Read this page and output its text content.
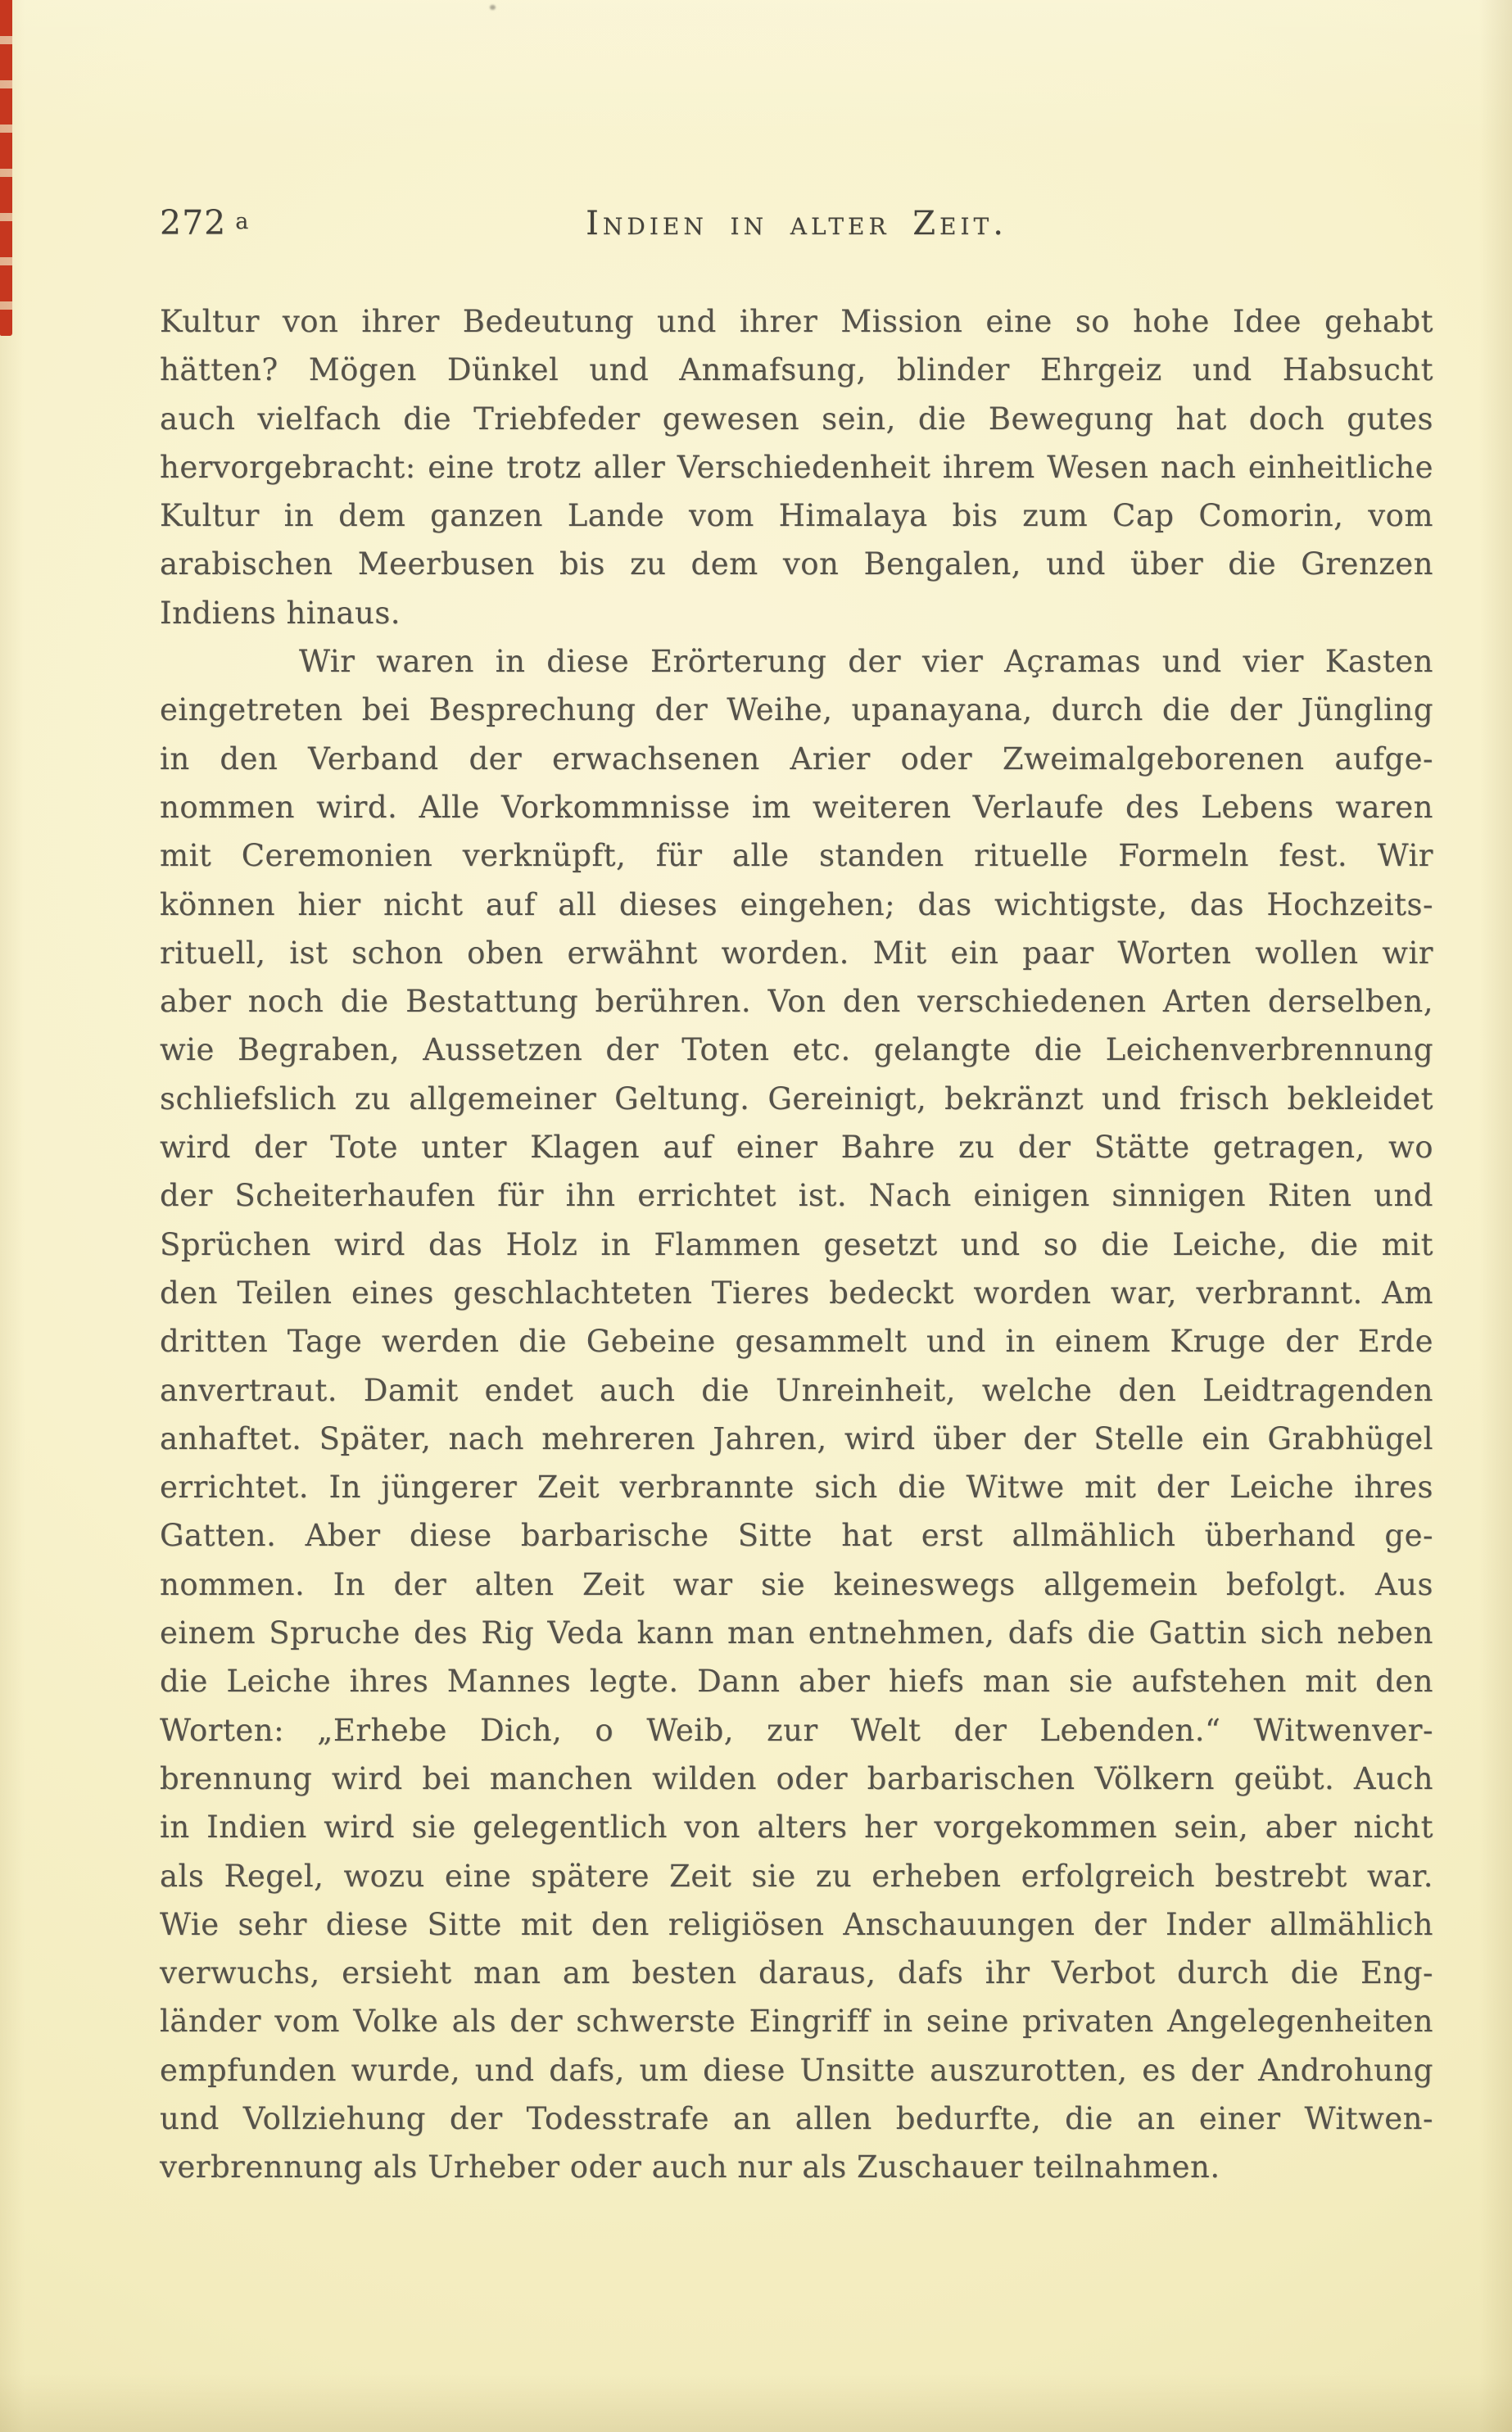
272 a	Indien in alter Zeit.
Kultur von ihrer Bedeutung und ihrer Mission eine so hohe Idee gehabt
hätten? Mögen Dünkel und Anmafsung, blinder Ehrgeiz und Habsucht
auch vielfach die Triebfeder gewesen sein, die Bewegung hat doch gutes
hervorgebracht: eine trotz aller Verschiedenheit ihrem Wesen nach einheitliche
Kultur in dem ganzen Lande vom Himalaya bis zum Cap Comorin, vom
arabischen Meerbusen bis zu dem von Bengalen, und über die Grenzen
Indiens hinaus.
Wir waren in diese Erörterung der vier Açramas und vier Kasten
eingetreten bei Besprechung der Weihe, upanayana, durch die der Jüngling
in den Verband der erwachsenen Arier oder Zweimalgeborenen aufge-
nommen wird. Alle Vorkommnisse im weiteren Verlaufe des Lebens waren
mit Ceremonien verknüpft, für alle standen rituelle Formeln fest. Wir
können hier nicht auf all dieses eingehen; das wichtigste, das Hochzeits-
rituell, ist schon oben erwähnt worden. Mit ein paar Worten wollen wir
aber noch die Bestattung berühren. Von den verschiedenen Arten derselben,
wie Begraben, Aussetzen der Toten etc. gelangte die Leichenverbrennung
schliefslich zu allgemeiner Geltung. Gereinigt, bekränzt und frisch bekleidet
wird der Tote unter Klagen auf einer Bahre zu der Stätte getragen, wo
der Scheiterhaufen für ihn errichtet ist. Nach einigen sinnigen Riten und
Sprüchen wird das Holz in Flammen gesetzt und so die Leiche, die mit
den Teilen eines geschlachteten Tieres bedeckt worden war, verbrannt. Am
dritten Tage werden die Gebeine gesammelt und in einem Kruge der Erde
anvertraut. Damit endet auch die Unreinheit, welche den Leidtragenden
anhaftet. Später, nach mehreren Jahren, wird über der Stelle ein Grabhügel
errichtet. In jüngerer Zeit verbrannte sich die Witwe mit der Leiche ihres
Gatten. Aber diese barbarische Sitte hat erst allmählich überhand ge-
nommen. In der alten Zeit war sie keineswegs allgemein befolgt. Aus
einem Spruche des Rig Veda kann man entnehmen, dafs die Gattin sich neben
die Leiche ihres Mannes legte. Dann aber hiefs man sie aufstehen mit den
Worten: „Erhebe Dich, o Weib, zur Welt der Lebenden.“ Witwenver-
brennung wird bei manchen wilden oder barbarischen Völkern geübt. Auch
in Indien wird sie gelegentlich von alters her vorgekommen sein, aber nicht
als Regel, wozu eine spätere Zeit sie zu erheben erfolgreich bestrebt war.
Wie sehr diese Sitte mit den religiösen Anschauungen der Inder allmählich
verwuchs, ersieht man am besten daraus, dafs ihr Verbot durch die Eng-
länder vom Volke als der schwerste Eingriff in seine privaten Angelegenheiten
empfunden wurde, und dafs, um diese Unsitte auszurotten, es der Androhung
und Vollziehung der Todesstrafe an allen bedurfte, die an einer Witwen-
verbrennung als Urheber oder auch nur als Zuschauer teilnahmen.
